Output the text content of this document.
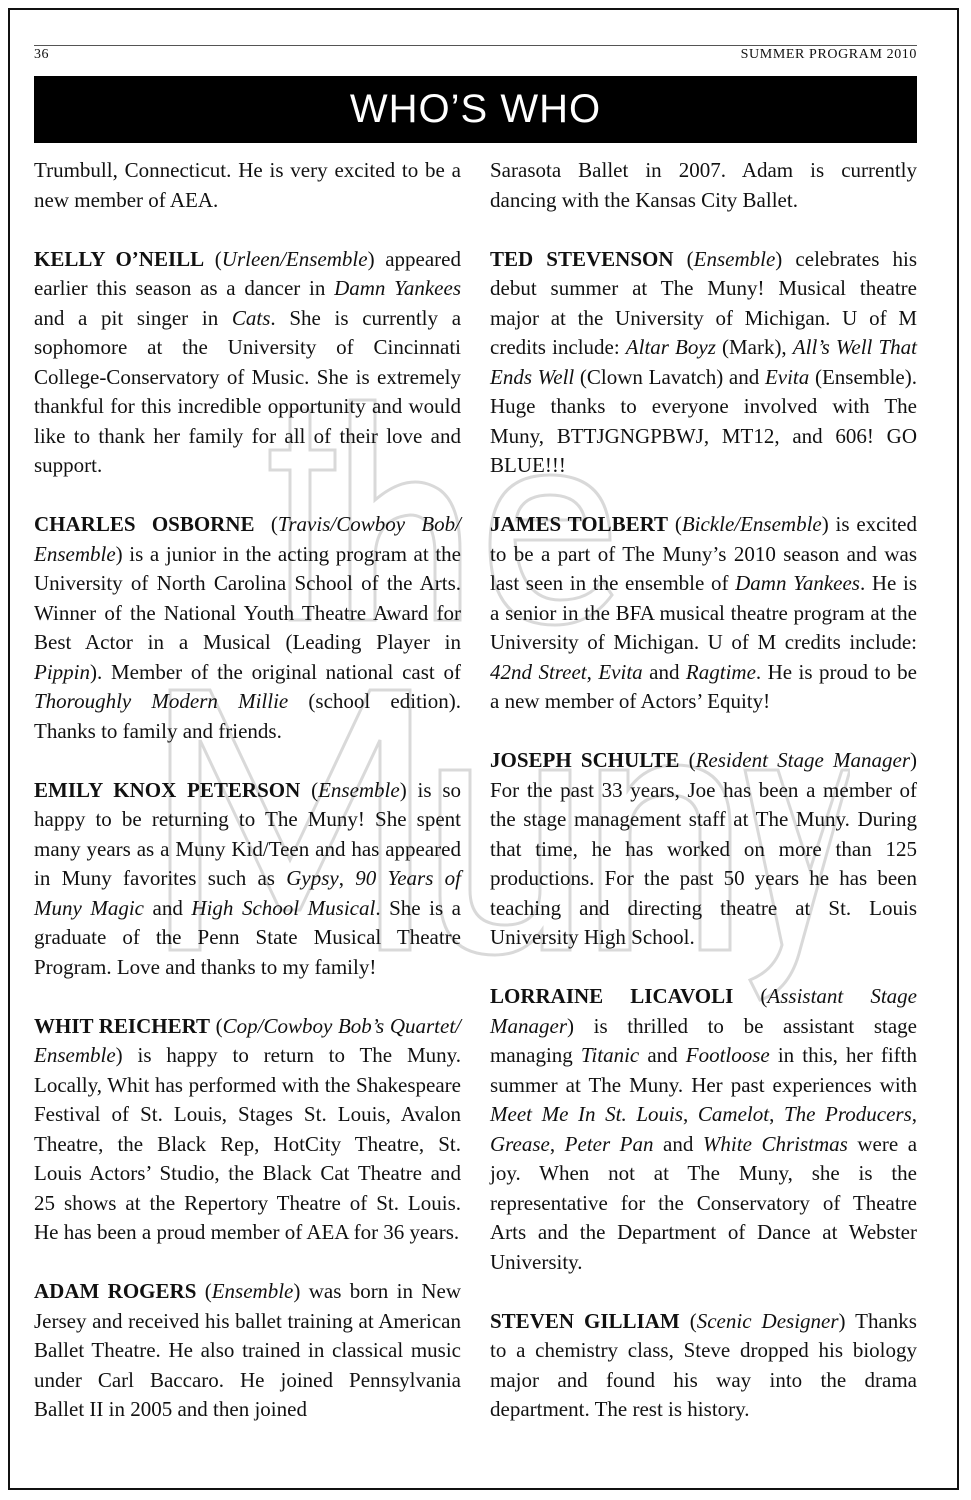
36	SUMMER PROGRAM 2010
WHO’S WHO

Trumbull, Connecticut. He is very excited to be a new member of AEA.

KELLY O’NEILL (Urleen/Ensemble) appeared earlier this season as a dancer in Damn Yankees and a pit singer in Cats. She is currently a sophomore at the University of Cincinnati College-Conservatory of Music. She is extremely thankful for this incredible opportunity and would like to thank her family for all of their love and support.

CHARLES OSBORNE (Travis/Cowboy Bob/ Ensemble) is a junior in the acting program at the University of North Carolina School of the Arts. Winner of the National Youth Theatre Award for Best Actor in a Musical (Leading Player in Pippin). Member of the original national cast of Thoroughly Modern Millie (school edition). Thanks to family and friends.

EMILY KNOX PETERSON (Ensemble) is so happy to be returning to The Muny! She spent many years as a Muny Kid/Teen and has appeared in Muny favorites such as Gypsy, 90 Years of Muny Magic and High School Musical. She is a graduate of the Penn State Musical Theatre Program. Love and thanks to my family!

WHIT REICHERT (Cop/Cowboy Bob’s Quartet/ Ensemble) is happy to return to The Muny. Locally, Whit has performed with the Shakespeare Festival of St. Louis, Stages St. Louis, Avalon Theatre, the Black Rep, HotCity Theatre, St. Louis Actors’ Studio, the Black Cat Theatre and 25 shows at the Repertory Theatre of St. Louis. He has been a proud member of AEA for 36 years.

ADAM ROGERS (Ensemble) was born in New Jersey and received his ballet training at American Ballet Theatre. He also trained in classical music under Carl Baccaro. He joined Pennsylvania Ballet II in 2005 and then joined

Sarasota Ballet in 2007. Adam is currently dancing with the Kansas City Ballet.

TED STEVENSON (Ensemble) celebrates his debut summer at The Muny! Musical theatre major at the University of Michigan. U of M credits include: Altar Boyz (Mark), All’s Well That Ends Well (Clown Lavatch) and Evita (Ensemble). Huge thanks to everyone involved with The Muny, BTTJGNGPBWJ, MT12, and 606! GO BLUE!!!

JAMES TOLBERT (Bickle/Ensemble) is excited to be a part of The Muny’s 2010 season and was last seen in the ensemble of Damn Yankees. He is a senior in the BFA musical theatre program at the University of Michigan. U of M credits include: 42nd Street, Evita and Ragtime. He is proud to be a new member of Actors’ Equity!

JOSEPH SCHULTE (Resident Stage Manager) For the past 33 years, Joe has been a member of the stage management staff at The Muny. During that time, he has worked on more than 125 productions. For the past 50 years he has been teaching and directing theatre at St. Louis University High School.

LORRAINE LICAVOLI (Assistant Stage Manager) is thrilled to be assistant stage managing Titanic and Footloose in this, her fifth summer at The Muny. Her past experiences with Meet Me In St. Louis, Camelot, The Producers, Grease, Peter Pan and White Christmas were a joy. When not at The Muny, she is the representative for the Conservatory of Theatre Arts and the Department of Dance at Webster University.

STEVEN GILLIAM (Scenic Designer) Thanks to a chemistry class, Steve dropped his biology major and found his way into the drama department. The rest is history.
